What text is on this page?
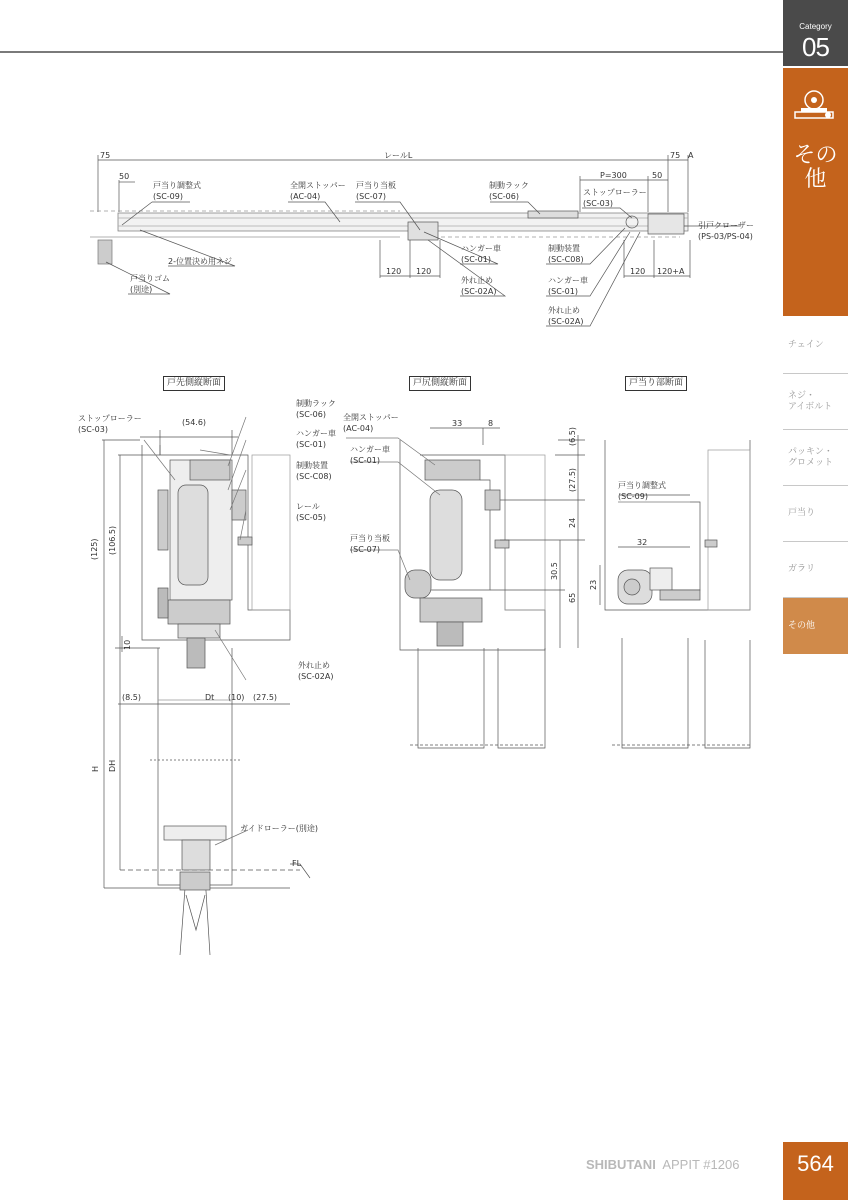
Category
05
その他
チェイン
ネジ・
アイボルト
パッキン・
グロメット
戸当り
ガラリ
その他
SHIBUTANI APPIT #1206	564
75	レールL	75 A
50	P=300	50
戸当り調整式
(SC-09)
全開ストッパー
(AC-04)
戸当り当板
(SC-07)
制動ラック
(SC-06)	ストップローラー
(SC-03)
引戸クローザー
(PS-03/PS-04)
2-位置決め用ネジ
戸当りゴム
(別途)
120 120
ハンガー車
(SC-01)
外れ止め
(SC-02A)
制動装置
(SC-C08)
ハンガー車
(SC-01)
外れ止め
(SC-02A)
120 120+A
ストップローラー
(SC-03)
(54.6)
制動ラック
(SC-06)
ハンガー車
(SC-01)
制動装置
(SC-C08)
レール
(SC-05)
(125) (106.5)
10
外れ止め
(SC-02A)
(8.5)	Dt (10) (27.5)
H DH
ガイドローラー(別途)
FL
全開ストッパー
(AC-04)
ハンガー車
(SC-01)
戸当り当板
(SC-07)
33	8
(6.5)
(27.5)
24
30.5
65
戸当り調整式
(SC-09)
32
23
戸先側縦断面	戸尻側縦断面	戸当り部断面
